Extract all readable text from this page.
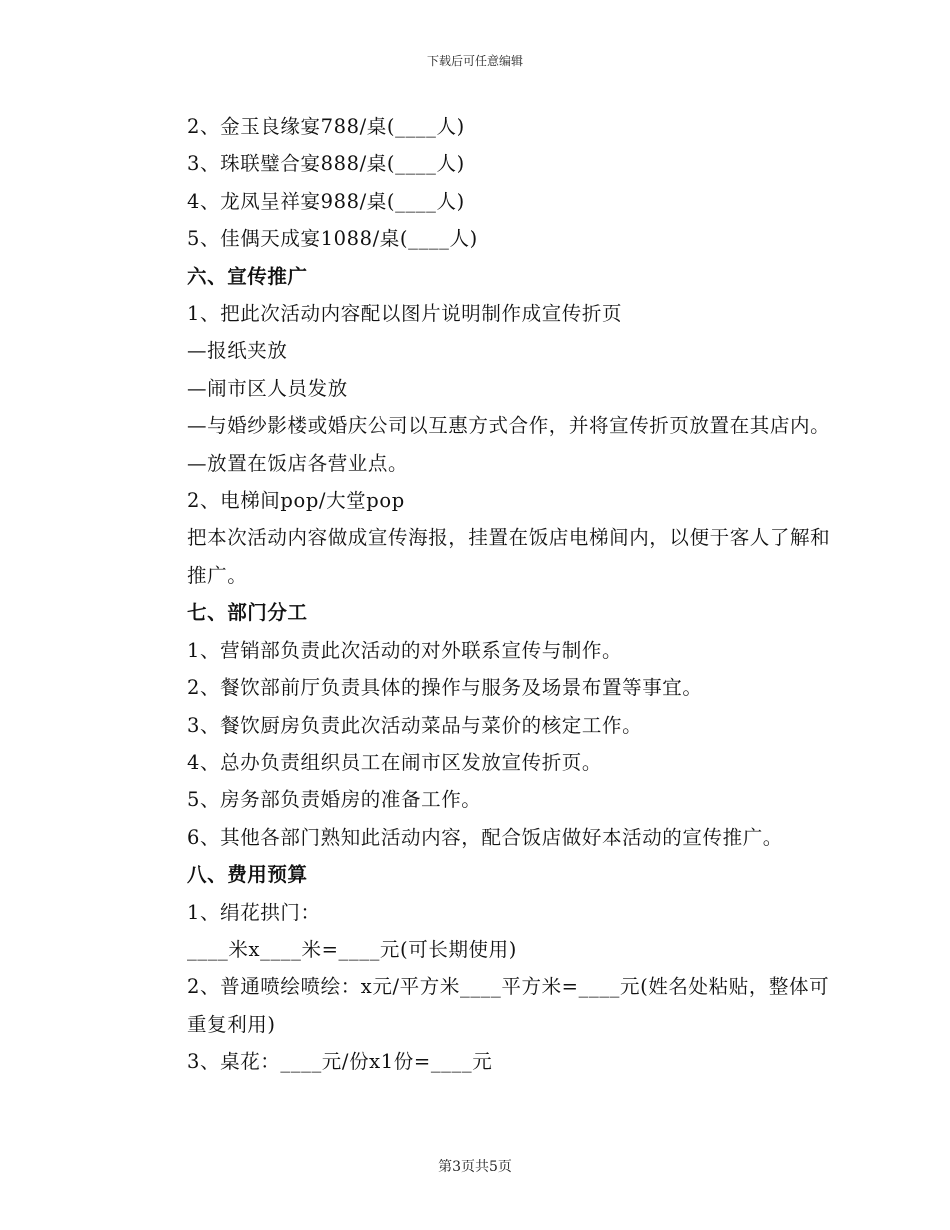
下载后可任意编辑

2、金玉良缘宴788/桌(____人)

3、珠联璧合宴888/桌(____人)

4、龙凤呈祥宴988/桌(____人)

5、佳偶天成宴1088/桌(____人)

六、宣传推广

1、把此次活动内容配以图片说明制作成宣传折页

—报纸夹放

—闹市区人员发放

—与婚纱影楼或婚庆公司以互惠方式合作，并将宣传折页放置在其店内。

—放置在饭店各营业点。

2、电梯间pop/大堂pop

把本次活动内容做成宣传海报，挂置在饭店电梯间内，以便于客人了解和推广。

七、部门分工

1、营销部负责此次活动的对外联系宣传与制作。

2、餐饮部前厅负责具体的操作与服务及场景布置等事宜。

3、餐饮厨房负责此次活动菜品与菜价的核定工作。

4、总办负责组织员工在闹市区发放宣传折页。

5、房务部负责婚房的准备工作。

6、其他各部门熟知此活动内容，配合饭店做好本活动的宣传推广。

八、费用预算

1、绢花拱门：

____米x____米=____元(可长期使用)

2、普通喷绘喷绘：x元/平方米____平方米=____元(姓名处粘贴，整体可重复利用)

3、桌花：____元/份x1份=____元

第3页共5页
